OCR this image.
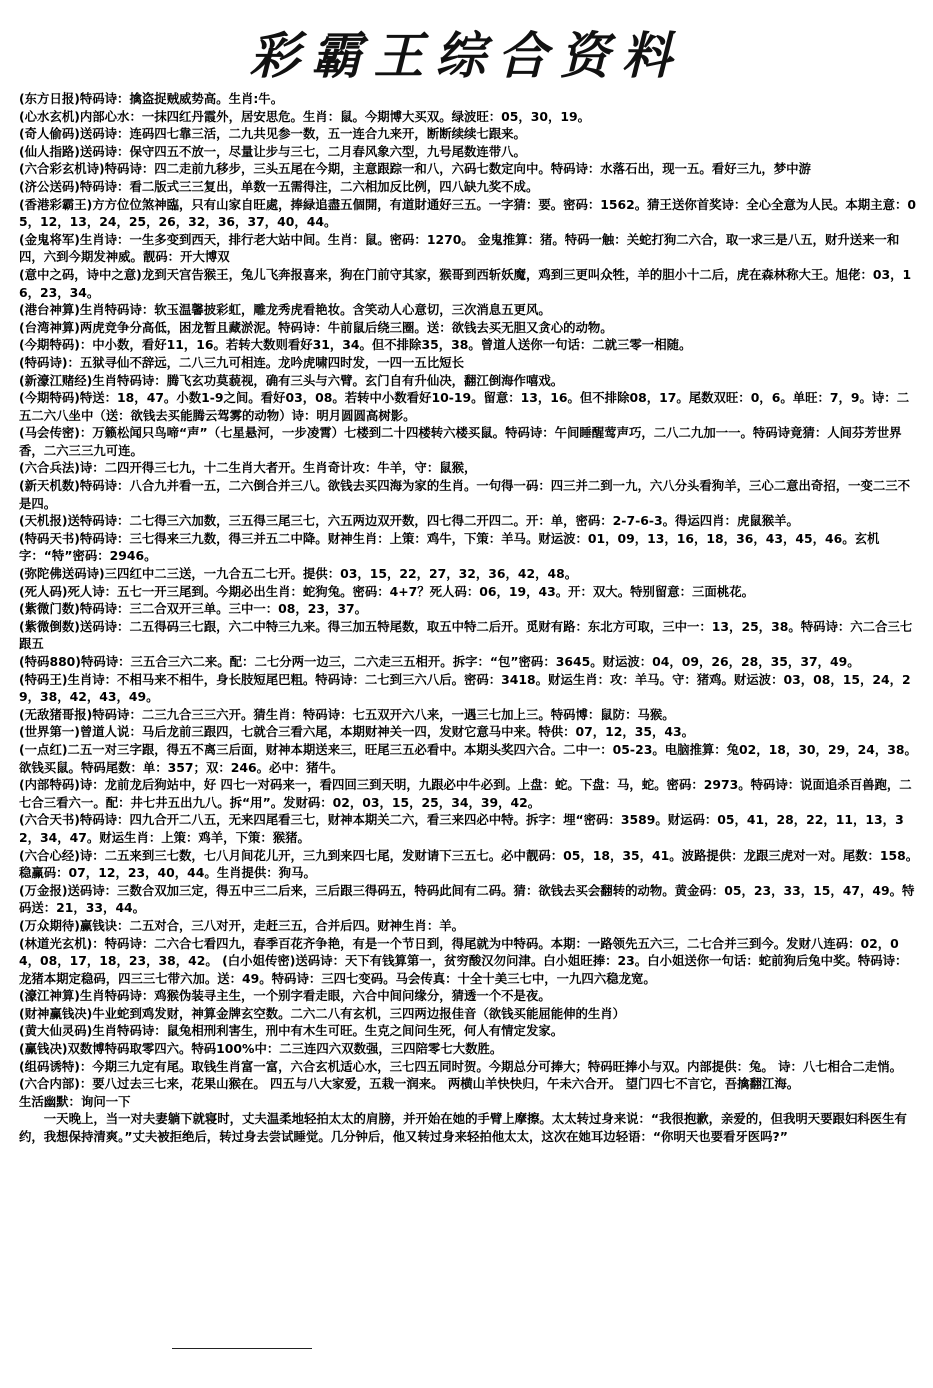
彩霸王综合资料

(东方日报)特码诗：擒盗捉贼威势高。生肖:牛。

(心水玄机)内部心水：一抹四红丹霞外，居安思危。生肖：鼠。今期博大买双。绿波旺：05，30，19。

(奇人偷码)送码诗：连码四七靠三活，二九共见参一数，五一连合九来开，断断续续七跟来。

(仙人指路)送码诗：保守四五不放一，尽量让步与三七，二月春风象六型，九号尾数连带八。

(六合彩玄机诗)特码诗：四二走前九移步，三头五尾在今期，主意跟踪一和八，六码七数定向中。特码诗：水落石出，现一五。看好三九，梦中游

(济公送码)特码诗：看二版式三三复出，单数一五需得注，二六相加反比例，四八缺九奖不成。

(香港彩霸王)方方位位煞神臨，只有山家自旺處，捧緑追盡五個開，有道財通好三五。一字猜：要。密码：1562。猜王送你首奖诗：全心全意为人民。本期主意：05，12，13，24，25，26，32，36，37，40，44。

(金鬼将军)生肖诗：一生多变到西天，排行老大站中间。生肖：鼠。密码：1270。 金鬼推算：猪。特码一触：关蛇打狗二六合，取一求三是八五，财升送来一和四，六到今期发神威。靓码：开大博双

(意中之码，诗中之意)龙到天宫告猴王，兔儿飞奔报喜来，狗在门前守其家，猴哥到西斩妖魔，鸡到三更叫众牲，羊的胆小十二后，虎在森林称大王。旭佬：03，16，23，34。

(港台神算)生肖特码诗：软玉温馨披彩虹，雕龙秀虎看艳妆。含笑动人心意切，三次消息五更风。

(台湾神算)两虎竞争分高低，困龙暂且藏淤泥。特码诗：牛前鼠后绕三圈。送：欲钱去买无胆又贪心的动物。

(今期特码)：中小数，看好11，16。若转大数则看好31，34。但不排除35，38。曾道人送你一句话：二就三零一相随。

(特码诗)：五狱寻仙不辞远，二八三九可相连。龙吟虎啸四时发，一四一五比短长

(新濠江赌经)生肖特码诗：腾飞玄功莫藐视，确有三头与六臂。玄门自有升仙决，翻江倒海作嘻戏。

(今期特码)特送：18，47。小数1-9之间。看好03，08。若转中小数看好10-19。留意：13，16。但不排除08，17。尾数双旺：0，6。单旺：7，9。诗：二五二六八坐中（送：欲钱去买能腾云驾雾的动物）诗：明月圆圆高树影。

(马会传密)：万籁松闻只鸟啼“声”（七星悬河，一步凌霄）七楼到二十四楼转六楼买鼠。特码诗：午间睡醒莺声巧，二八二九加一一。特码诗竟猜：人间芬芳世界香，二六三三九可连。

(六合兵法)诗：二四开得三七九，十二生肖大者开。生肖奇计攻：牛羊，守：鼠猴，

(新天机数)特码诗：八合九并看一五，二六倒合并三八。欲钱去买四海为家的生肖。一句得一码：四三并二到一九，六八分头看狗羊，三心二意出奇招，一变二三不是四。

(天机报)送特码诗：二七得三六加数，三五得三尾三七，六五两边双开数，四七得二开四二。开：单，密码：2-7-6-3。得运四肖：虎鼠猴羊。

(特码天书)特码诗：三七得来三九数，得三并五二中降。财神生肖：上策：鸡牛，下策：羊马。财运波：01，09，13，16，18，36，43，45，46。玄机字：“特”密码：2946。

(弥陀佛送码诗)三四红中二三送，一九合五二七开。提供：03，15，22，27，32，36，42，48。

(死人码)死人诗：五七一开三尾到。今期必出生肖：蛇狗兔。密码：4+7？死人码：06，19，43。开：双大。特别留意：三面桃花。

(紫微门数)特码诗：三二合双开三单。三中一：08，23，37。

(紫微倒数)送码诗：二五得码三七跟，六二中特三九来。得三加五特尾数，取五中特二后开。觅财有路：东北方可取，三中一：13，25，38。特码诗：六二合三七跟五

(特码880)特码诗：三五合三六二来。配：二七分两一边三，二六走三五相开。拆字：“包”密码：3645。财运波：04，09，26，28，35，37，49。

(特码王)生肖诗：不相马来不相牛，身长肢短尾巴粗。特码诗：二七到三六八后。密码：3418。财运生肖：攻：羊马。守：猪鸡。财运波：03，08，15，24，29，38，42，43，49。

(无敌猪哥报)特码诗：二三九合三三六开。猜生肖：特码诗：七五双开六八来，一遇三七加上三。特码博：鼠防：马猴。

(世界第一)曾道人说：马后龙前三跟四，七就合三看六尾，本期财神关一四，发财它意马中来。特供：07，12，35，43。

(一点红)二五一对三字跟，得五不离三后面，财神本期送来三，旺尾三五必看中。本期头奖四六合。二中一：05-23。电脑推算：兔02，18，30，29，24，38。欲钱买鼠。特码尾数：单：357；双：246。必中：猪牛。

(内部特码)诗：龙前龙后狗站中，好 四七一对码来一，看四回三到天明，九跟必中牛必到。上盘：蛇。下盘：马，蛇。密码：2973。特码诗：说面追杀百兽跑，二七合三看六一。配：井七井五出九八。拆“用”。发财码：02，03，15，25，34，39，42。

(六合天书)特码诗：四九合开二八五，无来四尾看三七，财神本期关二六，看三来四必中特。拆字：埋“密码：3589。财运码：05，41，28，22，11，13，32，34，47。财运生肖：上策：鸡羊，下策：猴猪。

(六合心经)诗：二五来到三七数，七八月间花儿开，三九到来四七尾，发财请下三五七。必中靓码：05，18，35，41。波路提供：龙跟三虎对一对。尾数：158。稳赢码：07，12，23，40，44。生肖提供：狗马。

(万金报)送码诗：三数合双加三定，得五中三二后来，三后跟三得码五，特码此间有二码。猜：欲钱去买会翻转的动物。黄金码：05，23，33，15，47，49。特码送：21，33，44。

(万众期待)赢钱诀：二五对合，三八对开，走赶三五，合并后四。财神生肖：羊。

(林道光玄机)：特码诗：二六合七看四九，春季百花齐争艳，有是一个节日到，得尾就为中特码。本期：一路领先五六三，二七合并三到今。发财八连码：02，04，08，17，18，23，38，42。 (白小姐传密)送码诗：天下有钱算第一，贫穷酸汉勿问津。白小姐旺捧：23。白小姐送你一句话：蛇前狗后兔中奖。特码诗：龙猪本期定稳码，四三三七带六加。送：49。特码诗：三四七变码。马会传真：十全十美三七中，一九四六稳龙宽。

(濠江神算)生肖特码诗：鸡猴伪装寻主生，一个别字看走眼，六合中间问缘分，猜透一个不是夜。

(财神赢钱决)牛业蛇到鸡发财，神算金牌玄空数。二六二八有玄机，三四两边报佳音（欲钱买能屈能伸的生肖）

(黄大仙灵码)生肖特码诗：鼠兔相刑利害生，刑中有木生可旺。生克之间问生死，何人有情定发家。

(赢钱决)双数博特码取零四六。特码100%中：二三连四六双数强，三四陪零七大数胜。

(组码诱特)：今期三九定有尾。取钱生肖富一富，六合玄机适心水，三七四五同时贺。今期总分可捧大；特码旺捧小与双。内部提供：兔。 诗：八七相合二走悄。

(六合内部)：要八过去三七来，花果山猴在。 四五与八大家爱，五栽一润来。 两横山羊快快归，午未六合开。 望门四七不言它，吾擒翻江海。

生活幽默：询问一下

一天晚上，当一对夫妻躺下就寝时，丈夫温柔地轻拍太太的肩膀，并开始在她的手臂上摩擦。太太转过身来说：“我很抱歉，亲爱的，但我明天要跟妇科医生有约，我想保持清爽。”丈夫被拒绝后，转过身去尝试睡觉。几分钟后，他又转过身来轻拍他太太，这次在她耳边轻语：“你明天也要看牙医吗?”
